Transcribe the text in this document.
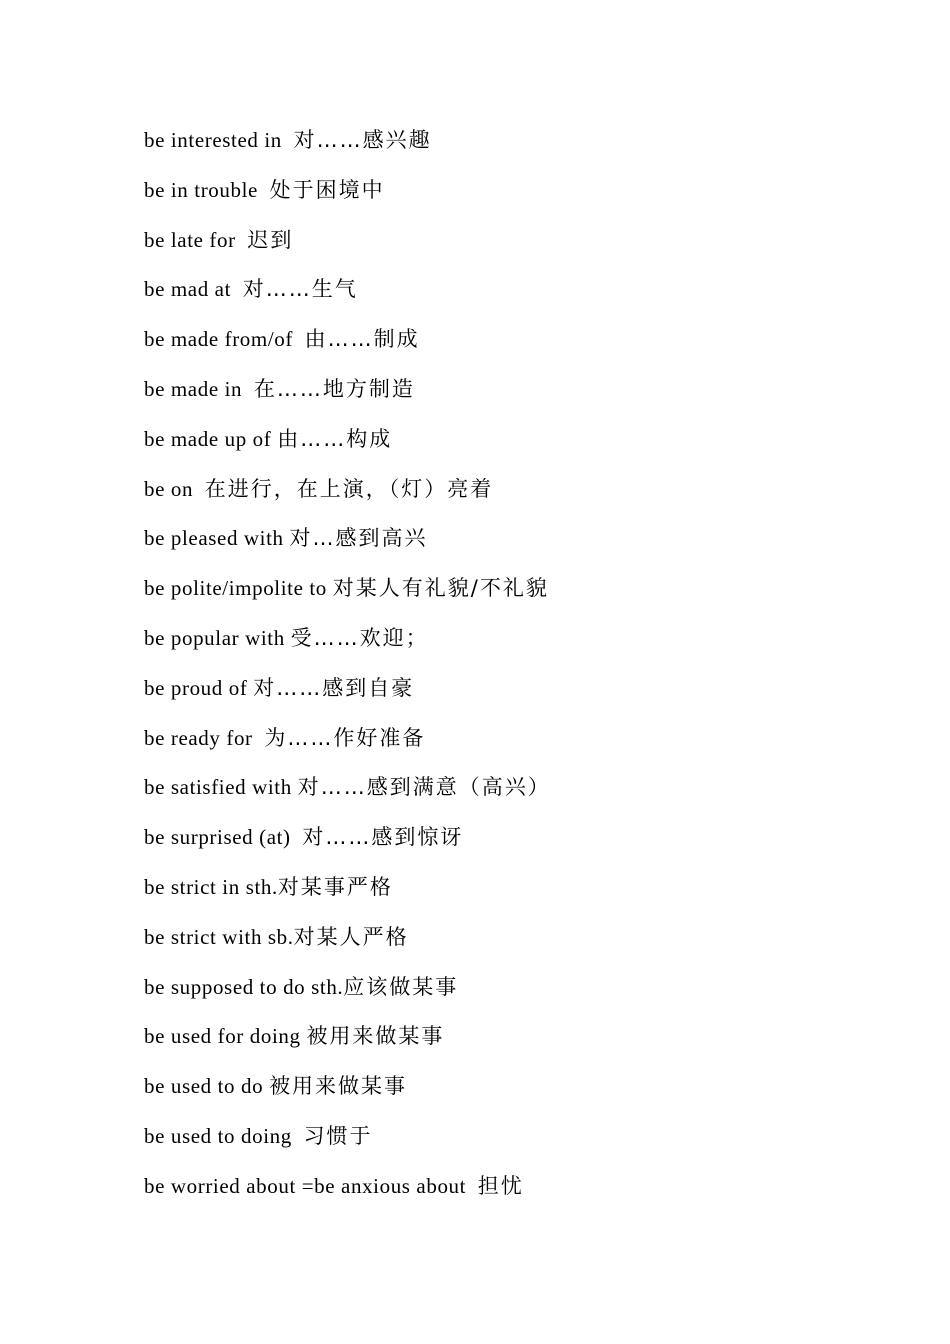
be interested in  对……感兴趣
be in trouble  处于困境中
be late for  迟到
be mad at  对……生气
be made from/of  由……制成
be made in  在……地方制造
be made up of 由……构成
be on  在进行，在上演，（灯）亮着
be pleased with 对…感到高兴
be polite/impolite to 对某人有礼貌/不礼貌
be popular with 受……欢迎；
be proud of 对……感到自豪
be ready for  为……作好准备
be satisfied with 对……感到满意（高兴）
be surprised (at)  对……感到惊讶
be strict in sth.对某事严格
be strict with sb.对某人严格
be supposed to do sth.应该做某事
be used for doing 被用来做某事
be used to do 被用来做某事
be used to doing  习惯于
be worried about =be anxious about  担忧
